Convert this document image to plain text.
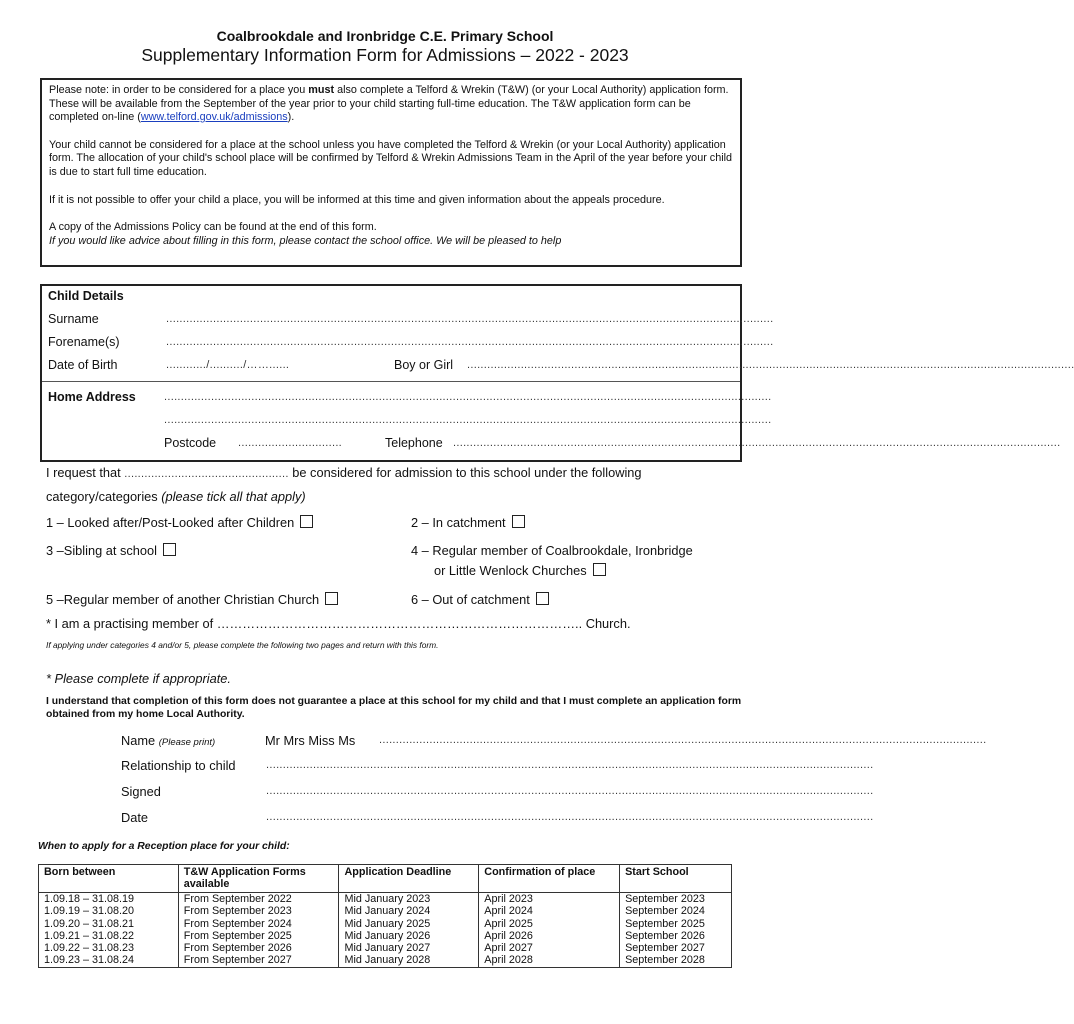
Coalbrookdale and Ironbridge C.E. Primary School
Supplementary Information Form for Admissions – 2022 - 2023

Please note: in order to be considered for a place you must also complete a Telford & Wrekin (T&W) (or your Local Authority) application form. These will be available from the September of the year prior to your child starting full-time education. The T&W application form can be completed on-line (www.telford.gov.uk/admissions).

Your child cannot be considered for a place at the school unless you have completed the Telford & Wrekin (or your Local Authority) application form. The allocation of your child's school place will be confirmed by Telford & Wrekin Admissions Team in the April of the year before your child is due to start full time education.

If it is not possible to offer your child a place, you will be informed at this time and given information about the appeals procedure.

A copy of the Admissions Policy can be found at the end of this form.

If you would like advice about filling in this form, please contact the school office. We will be pleased to help

Child Details
Surname	.....................................................................................................................................................................................
Forename(s)	.....................................................................................................................................................................................
Date of Birth	............/........../……......	Boy or Girl .....................................................................................................................................................................................
Home Address	.....................................................................................................................................................................................
.....................................................................................................................................................................................
Postcode ...............................	Telephone .....................................................................................................................................................................................
I request that ................................................. be considered for admission to this school under the following
category/categories (please tick all that apply)
1 – Looked after/Post-Looked after Children	2 – In catchment
3 –Sibling at school	4 – Regular member of Coalbrookdale, Ironbridge
or Little Wenlock Churches
5 –Regular member of another Christian Church	6 – Out of catchment
* I am a practising member of ………………………………………………………………………….. Church.
If applying under categories 4 and/or 5, please complete the following two pages and return with this form.
* Please complete if appropriate.
I understand that completion of this form does not guarantee a place at this school for my child and that I must complete an application form obtained from my home Local Authority.
Name (Please print)	Mr Mrs Miss Ms .....................................................................................................................................................................................
Relationship to child	.....................................................................................................................................................................................
Signed	.....................................................................................................................................................................................
Date	.....................................................................................................................................................................................
When to apply for a Reception place for your child:
Born between	T&W Application Forms available	Application Deadline	Confirmation of place	Start School
1.09.18 – 31.08.19	From September 2022	Mid January 2023	April 2023	September 2023
1.09.19 – 31.08.20	From September 2023	Mid January 2024	April 2024	September 2024
1.09.20 – 31.08.21	From September 2024	Mid January 2025	April 2025	September 2025
1.09.21 – 31.08.22	From September 2025	Mid January 2026	April 2026	September 2026
1.09.22 – 31.08.23	From September 2026	Mid January 2027	April 2027	September 2027
1.09.23 – 31.08.24	From September 2027	Mid January 2028	April 2028	September 2028
